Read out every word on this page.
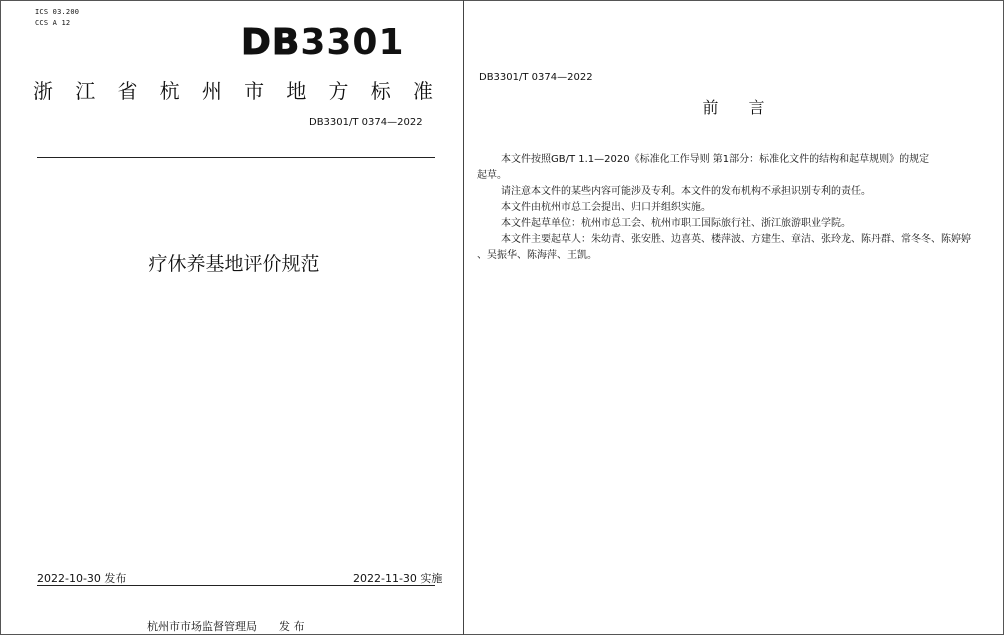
ICS 03.200
CCS A 12	DB3301
浙 江 省 杭 州 市 地 方 标 准
DB3301/T 0374—2022
疗休养基地评价规范
2022-10-30 发布	2022-11-30 实施
杭州市市场监督管理局 发 布
DB3301/T 0374—2022
前言

本文件按照GB/T 1.1—2020《标准化工作导则 第1部分：标准化文件的结构和起草规则》的规定

起草。

请注意本文件的某些内容可能涉及专利。本文件的发布机构不承担识别专利的责任。

本文件由杭州市总工会提出、归口并组织实施。

本文件起草单位：杭州市总工会、杭州市职工国际旅行社、浙江旅游职业学院。

本文件主要起草人：朱幼青、张安胜、边喜英、楼萍波、方建生、章洁、张玲龙、陈丹群、常冬冬、陈婷婷

、吴振华、陈海萍、王凯。
